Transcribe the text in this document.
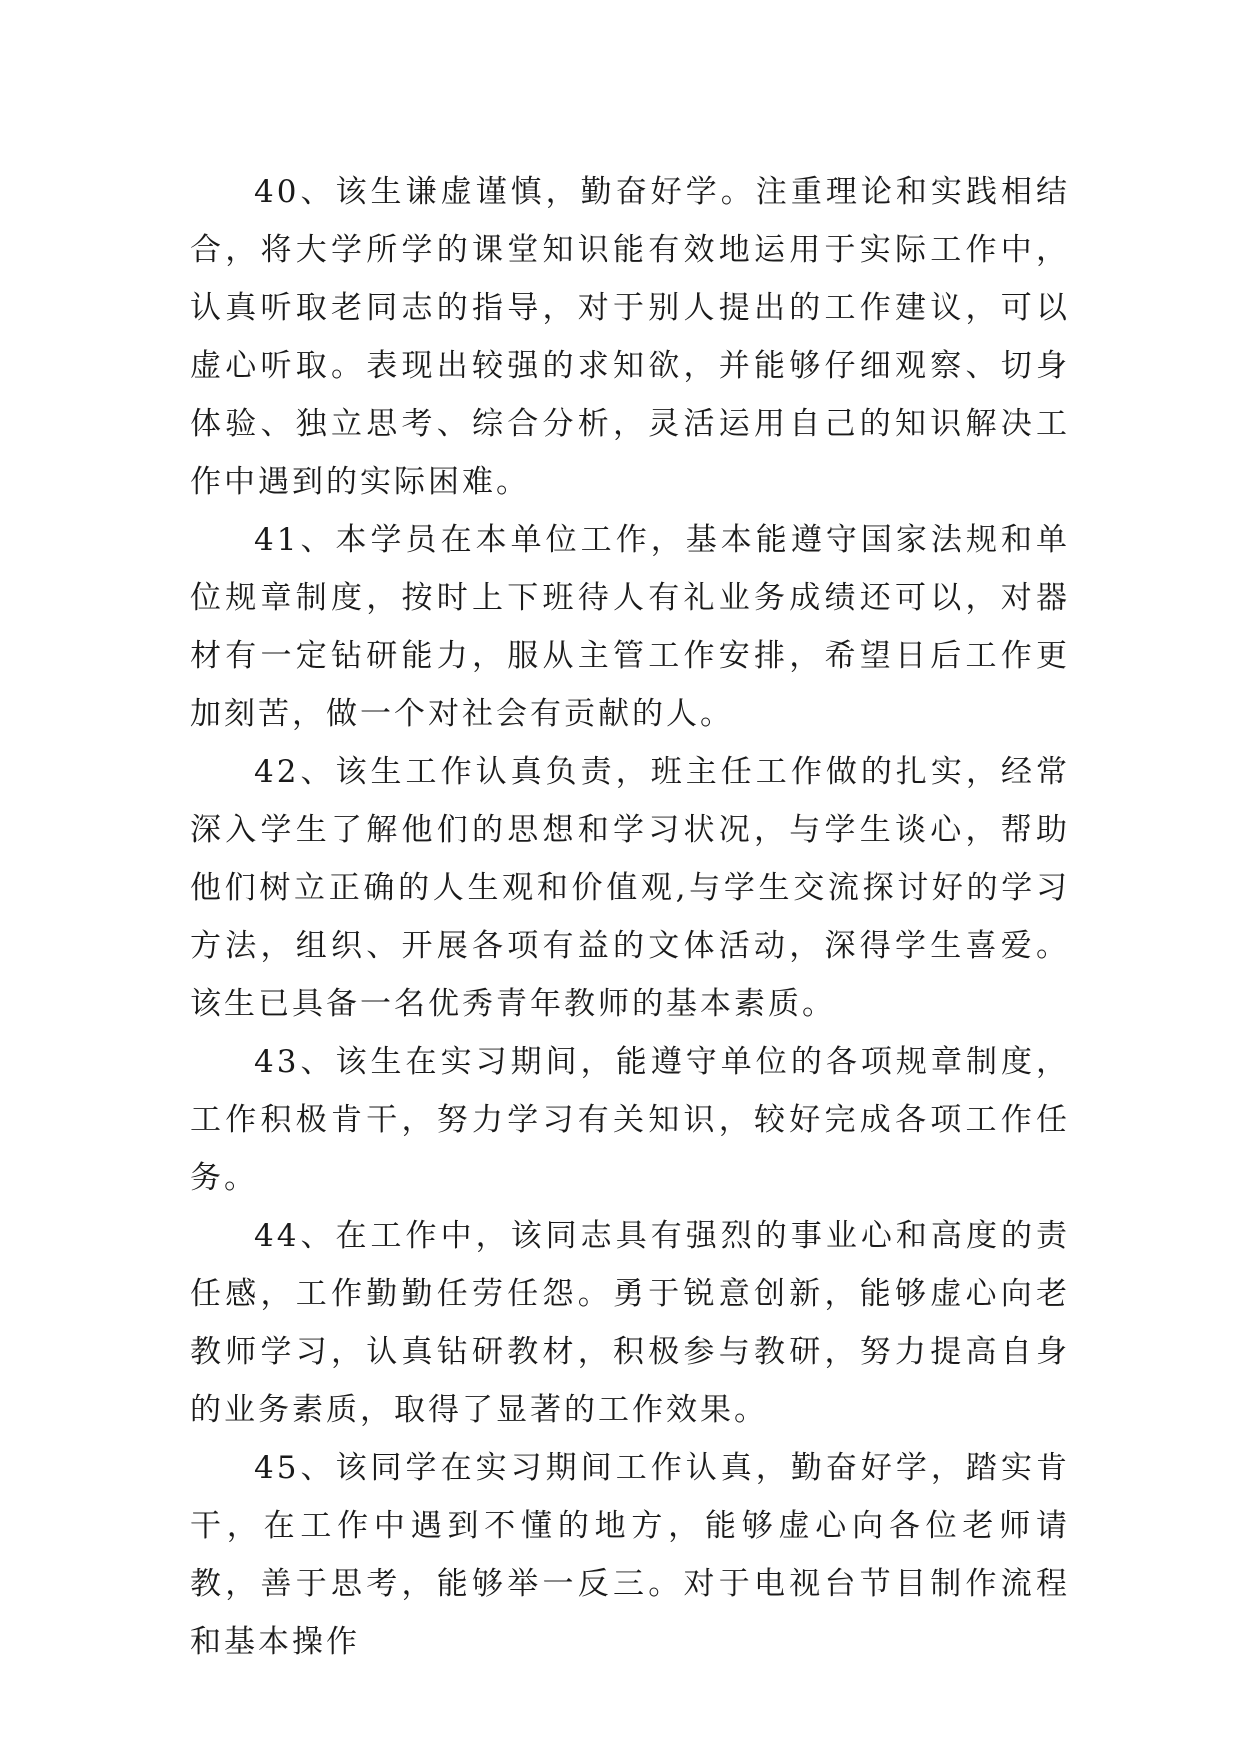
40、该生谦虚谨慎，勤奋好学。注重理论和实践相结合，将大学所学的课堂知识能有效地运用于实际工作中，认真听取老同志的指导，对于别人提出的工作建议，可以虚心听取。表现出较强的求知欲，并能够仔细观察、切身体验、独立思考、综合分析，灵活运用自己的知识解决工作中遇到的实际困难。

41、本学员在本单位工作，基本能遵守国家法规和单位规章制度，按时上下班待人有礼业务成绩还可以，对器材有一定钻研能力，服从主管工作安排，希望日后工作更加刻苦，做一个对社会有贡献的人。

42、该生工作认真负责，班主任工作做的扎实，经常深入学生了解他们的思想和学习状况，与学生谈心，帮助他们树立正确的人生观和价值观,与学生交流探讨好的学习方法，组织、开展各项有益的文体活动，深得学生喜爱。该生已具备一名优秀青年教师的基本素质。

43、该生在实习期间，能遵守单位的各项规章制度，工作积极肯干，努力学习有关知识，较好完成各项工作任务。

44、在工作中，该同志具有强烈的事业心和高度的责任感，工作勤勤任劳任怨。勇于锐意创新，能够虚心向老教师学习，认真钻研教材，积极参与教研，努力提高自身的业务素质，取得了显著的工作效果。

45、该同学在实习期间工作认真，勤奋好学，踏实肯干，在工作中遇到不懂的地方，能够虚心向各位老师请教，善于思考，能够举一反三。对于电视台节目制作流程和基本操作
